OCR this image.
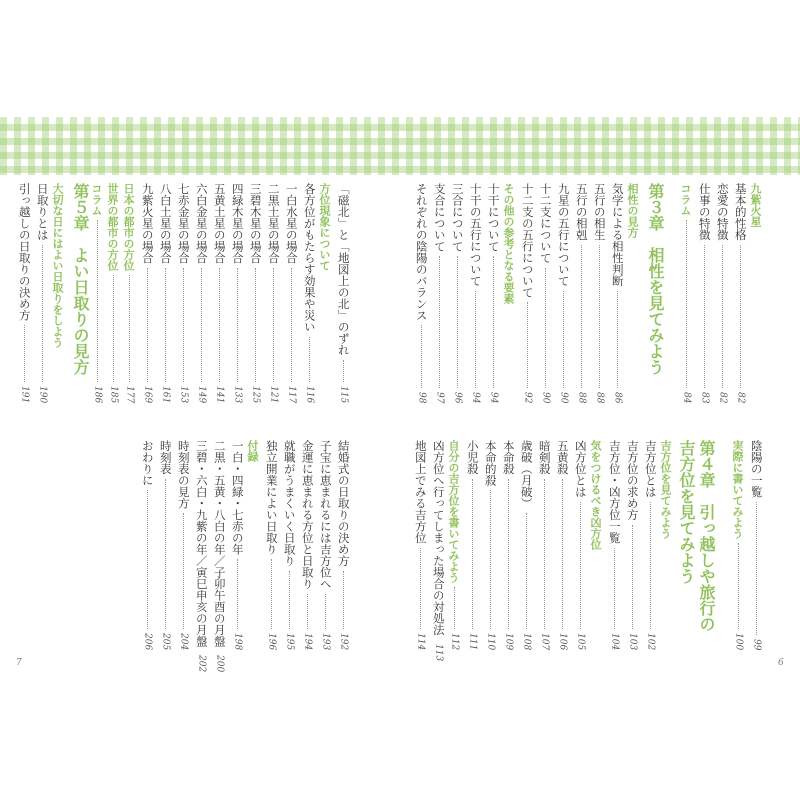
九紫火星
基本的性格
82
恋愛の特徴
82
仕事の特徴
83
コラム
84
第３章　相性を見てみよう
相性の見方
気学による相性判断
86
五行の相生
88
五行の相剋
88
九星の五行について
90
十二支について
90
十二支の五行について
92
その他の参考となる要素
十干について
94
十干の五行について
94
三合について
96
支合について
97
それぞれの陰陽のバランス
98
陰陽の一覧
99
実際に書いてみよう
100
第４章　引っ越しや旅行の
吉方位を見てみよう
吉方位を見てみよう
吉方位とは
102
吉方位の求め方
103
吉方位・凶方位一覧
104
気をつけるべき凶方位
凶方位とは
105
五黄殺
106
暗剣殺
107
歳破（月破）
108
本命殺
109
本命的殺
110
小児殺
111
自分の吉方位を書いてみよう
112
凶方位へ行ってしまった場合の対処法
113
地図上でみる吉方位
114
「磁北」と「地図上の北」のずれ
115
方位現象について
各方位がもたらす効果や災い
116
一白水星の場合
117
二黒土星の場合
121
三碧木星の場合
125
四緑木星の場合
133
五黄土星の場合
141
六白金星の場合
149
七赤金星の場合
153
八白土星の場合
161
九紫火星の場合
169
日本の都市の方位
177
世界の都市の方位
185
コラム
186
第５章　よい日取りの見方
大切な日にはよい日取りをしよう
日取りとは
190
引っ越しの日取りの決め方
191
結婚式の日取りの決め方
192
子宝に恵まれるには吉方位へ
193
金運に恵まれる方位と日取り
194
就職がうまくいく日取り
195
独立開業によい日取り
196
付録
一白・四緑・七赤の年
198
二黒・五黄・八白の年／子卯午酉の月盤
200
三碧・六白・九紫の年／寅巳申亥の月盤
202
時刻表の見方
204
時刻表
205
おわりに
206
7	6
